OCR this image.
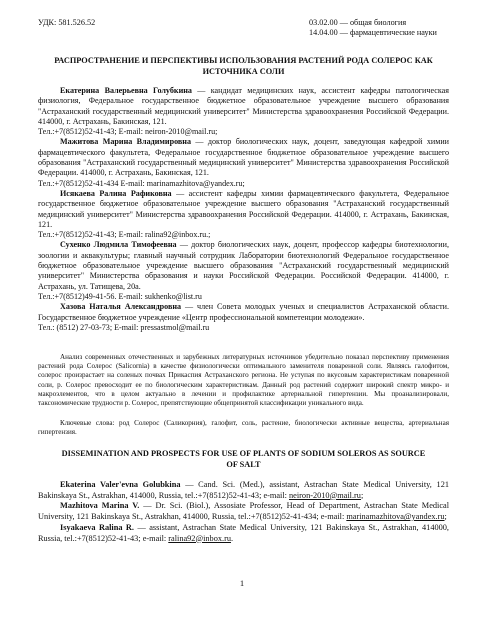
УДК: 581.526.52	03.02.00 — общая биология
14.04.00 — фармацевтические науки
РАСПРОСТРАНЕНИЕ И ПЕРСПЕКТИВЫ ИСПОЛЬЗОВАНИЯ РАСТЕНИЙ РОДА СОЛЕРОС КАК ИСТОЧНИКА СОЛИ
Екатерина Валерьевна Голубкина — кандидат медицинских наук, ассистент кафедры патологическая физиология, Федеральное государственное бюджетное образовательное учреждение высшего образования "Астраханский государственный медицинский университет" Министерства здравоохранения Российской Федерации. 414000, г. Астрахань, Бакинская, 121.
Тел.:+7(8512)52-41-43; E-mail: neiron-2010@mail.ru;
Мажитова Марина Владимировна — доктор биологических наук, доцент, заведующая кафедрой химии фармацевтического факультета, Федеральное государственное бюджетное образовательное учреждение высшего образования "Астраханский государственный медицинский университет" Министерства здравоохранения Российской Федерации. 414000, г. Астрахань, Бакинская, 121.
Тел.:+7(8512)52-41-434 E-mail: marinamazhitova@yandex.ru;
Исякаева Ралина Рафиковна — ассистент кафедры химии фармацевтического факультета, Федеральное государственное бюджетное образовательное учреждение высшего образования "Астраханский государственный медицинский университет" Министерства здравоохранения Российской Федерации. 414000, г. Астрахань, Бакинская, 121.
Тел.:+7(8512)52-41-43; E-mail: ralina92@inbox.ru.;
Сухенко Людмила Тимофеевна — доктор биологических наук, доцент, профессор кафедры биотехнологии, зоологии и аквакультуры; главный научный сотрудник Лаборатории биотехнологий Федеральное государственное бюджетное образовательное учреждение высшего образования "Астраханский государственный медицинский университет" Министерства образования и науки Российской Федерации. Российской Федерации. 414000, г. Астрахань, ул. Татищева, 20а.
Тел.:+7(8512)49-41-56. E-mail: sukhenko@list.ru
Хазова Наталья Александровна — член Совета молодых ученых и специалистов Астраханской области. Государственное бюджетное учреждение «Центр профессиональной компетенции молодежи».
Тел.: (8512) 27-03-73; E-mail: pressastmol@mail.ru
Анализ современных отечественных и зарубежных литературных источников убедительно показал перспективу применения растений рода Солерос (Salicornia) в качестве физиологически оптимального заменителя поваренной соли. Являясь галофитом, солерос произрастает на соленых почвах Прикаспия Астраханского региона. Не уступая по вкусовым характеристикам поваренной соли, р. Солерос превосходит ее по биологическим характеристикам. Данный род растений содержит широкий спектр микро- и макроэлементов, что в целом актуально в лечении и профилактике артериальной гипертензии. Мы проанализировали, таксономические трудности р. Солерос, препятствующие общепринятой классификации уникального вида.
Ключевые слова: род Солерос (Саликорния), галофит, соль, растение, биологически активные вещества, артериальная гипертензия.
DISSEMINATION AND PROSPECTS FOR USE OF PLANTS OF SODIUM SOLEROS AS SOURCE OF SALT
Ekaterina Valer'evna Golubkina — Cand. Sci. (Med.), assistant, Astrachan State Medical University, 121 Bakinskaya St., Astrakhan, 414000, Russia, tel.:+7(8512)52-41-43; e-mail: neiron-2010@mail.ru;
Mazhitova Marina V. — Dr. Sci. (Biol.), Assosiate Professor, Head of Department, Astrachan State Medical University, 121 Bakinskaya St., Astrakhan, 414000, Russia, tel.:+7(8512)52-41-434; e-mail: marinamazhitova@yandex.ru;
Isyakaeva Ralina R. — assistant, Astrachan State Medical University, 121 Bakinskaya St., Astrakhan, 414000, Russia, tel.:+7(8512)52-41-43; e-mail: ralina92@inbox.ru.
1
